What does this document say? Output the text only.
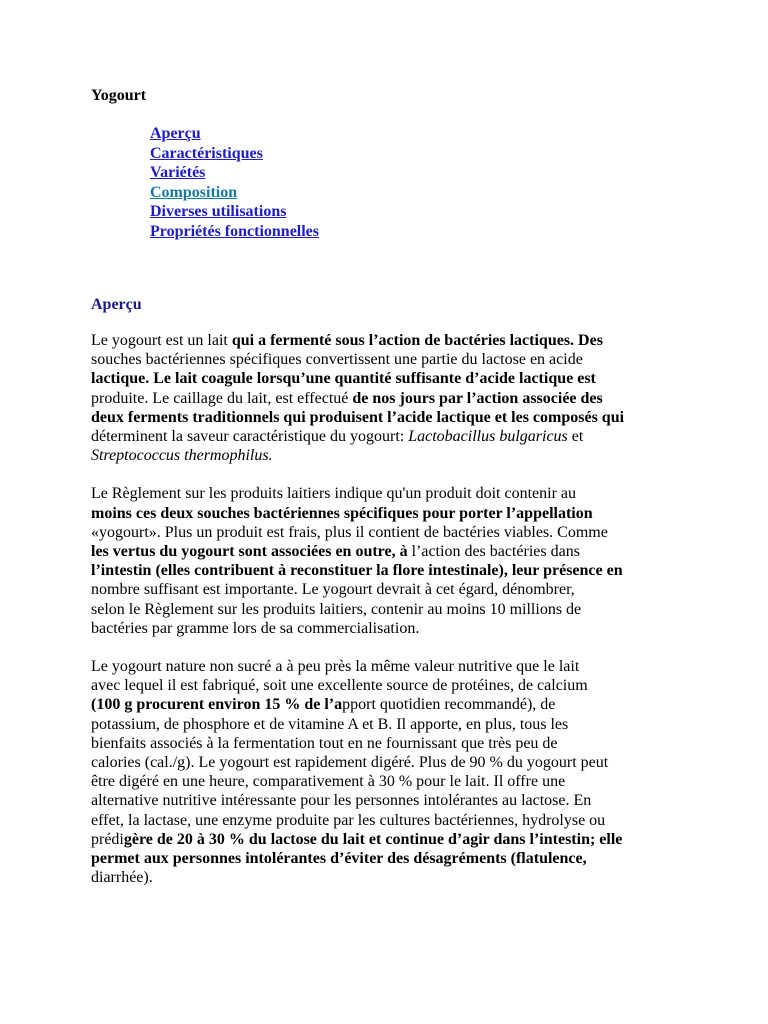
Yogourt
Aperçu
Caractéristiques
Variétés
Composition
Diverses utilisations
Propriétés fonctionnelles
Aperçu

Le yogourt est un lait qui a fermenté sous l’action de bactéries lactiques. Des
souches bactériennes spécifiques convertissent une partie du lactose en acide
lactique. Le lait coagule lorsqu’une quantité suffisante d’acide lactique est
produite. Le caillage du lait, est effectué de nos jours par l’action associée des
deux ferments traditionnels qui produisent l’acide lactique et les composés qui
déterminent la saveur caractéristique du yogourt: Lactobacillus bulgaricus et
Streptococcus thermophilus.

Le Règlement sur les produits laitiers indique qu'un produit doit contenir au
moins ces deux souches bactériennes spécifiques pour porter l’appellation
«yogourt». Plus un produit est frais, plus il contient de bactéries viables. Comme
les vertus du yogourt sont associées en outre, à l’action des bactéries dans
l’intestin (elles contribuent à reconstituer la flore intestinale), leur présence en
nombre suffisant est importante. Le yogourt devrait à cet égard, dénombrer,
selon le Règlement sur les produits laitiers, contenir au moins 10 millions de
bactéries par gramme lors de sa commercialisation.

Le yogourt nature non sucré a à peu près la même valeur nutritive que le lait
avec lequel il est fabriqué, soit une excellente source de protéines, de calcium
(100 g procurent environ 15 % de l’apport quotidien recommandé), de
potassium, de phosphore et de vitamine A et B. Il apporte, en plus, tous les
bienfaits associés à la fermentation tout en ne fournissant que très peu de
calories (cal./g). Le yogourt est rapidement digéré. Plus de 90 % du yogourt peut
être digéré en une heure, comparativement à 30 % pour le lait. Il offre une
alternative nutritive intéressante pour les personnes intolérantes au lactose. En
effet, la lactase, une enzyme produite par les cultures bactériennes, hydrolyse ou
prédigère de 20 à 30 % du lactose du lait et continue d’agir dans l’intestin; elle
permet aux personnes intolérantes d’éviter des désagréments (flatulence,
diarrhée).
